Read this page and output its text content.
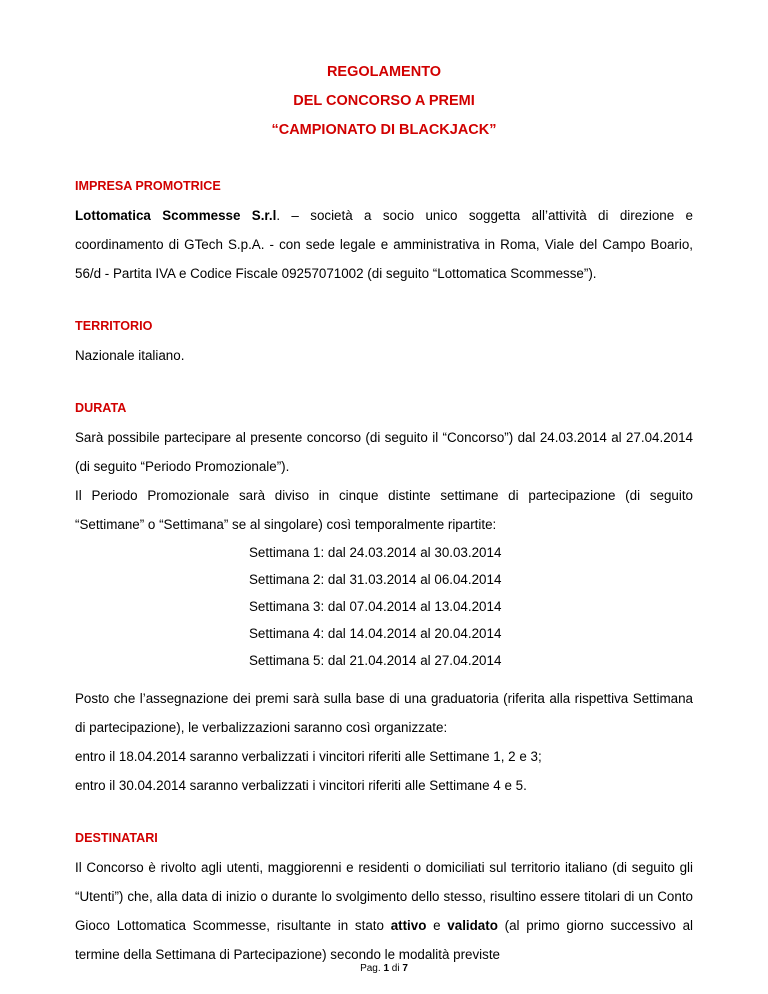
REGOLAMENTO

DEL CONCORSO A PREMI

“CAMPIONATO DI BLACKJACK”

IMPRESA PROMOTRICE

Lottomatica Scommesse S.r.l. – società a socio unico soggetta all’attività di direzione e coordinamento di GTech S.p.A. - con sede legale e amministrativa in Roma, Viale del Campo Boario, 56/d - Partita IVA e Codice Fiscale 09257071002 (di seguito “Lottomatica Scommesse”).

TERRITORIO

Nazionale italiano.

DURATA

Sarà possibile partecipare al presente concorso (di seguito il “Concorso”) dal 24.03.2014 al 27.04.2014 (di seguito “Periodo Promozionale”).

Il Periodo Promozionale sarà diviso in cinque distinte settimane di partecipazione (di seguito “Settimane” o “Settimana” se al singolare) così temporalmente ripartite:

Settimana 1: dal 24.03.2014 al 30.03.2014

Settimana 2: dal 31.03.2014 al 06.04.2014

Settimana 3: dal 07.04.2014 al 13.04.2014

Settimana 4: dal 14.04.2014 al 20.04.2014

Settimana 5: dal 21.04.2014 al 27.04.2014

Posto che l’assegnazione dei premi sarà sulla base di una graduatoria (riferita alla rispettiva Settimana di partecipazione), le verbalizzazioni saranno così organizzate:

entro il 18.04.2014 saranno verbalizzati i vincitori riferiti alle Settimane 1, 2 e 3;

entro il 30.04.2014 saranno verbalizzati i vincitori riferiti alle Settimane 4 e 5.

DESTINATARI

Il Concorso è rivolto agli utenti, maggiorenni e residenti o domiciliati sul territorio italiano (di seguito gli “Utenti”) che, alla data di inizio o durante lo svolgimento dello stesso, risultino essere titolari di un Conto Gioco Lottomatica Scommesse, risultante in stato attivo e validato (al primo giorno successivo al termine della Settimana di Partecipazione) secondo le modalità previste

Pag. 1 di 7
